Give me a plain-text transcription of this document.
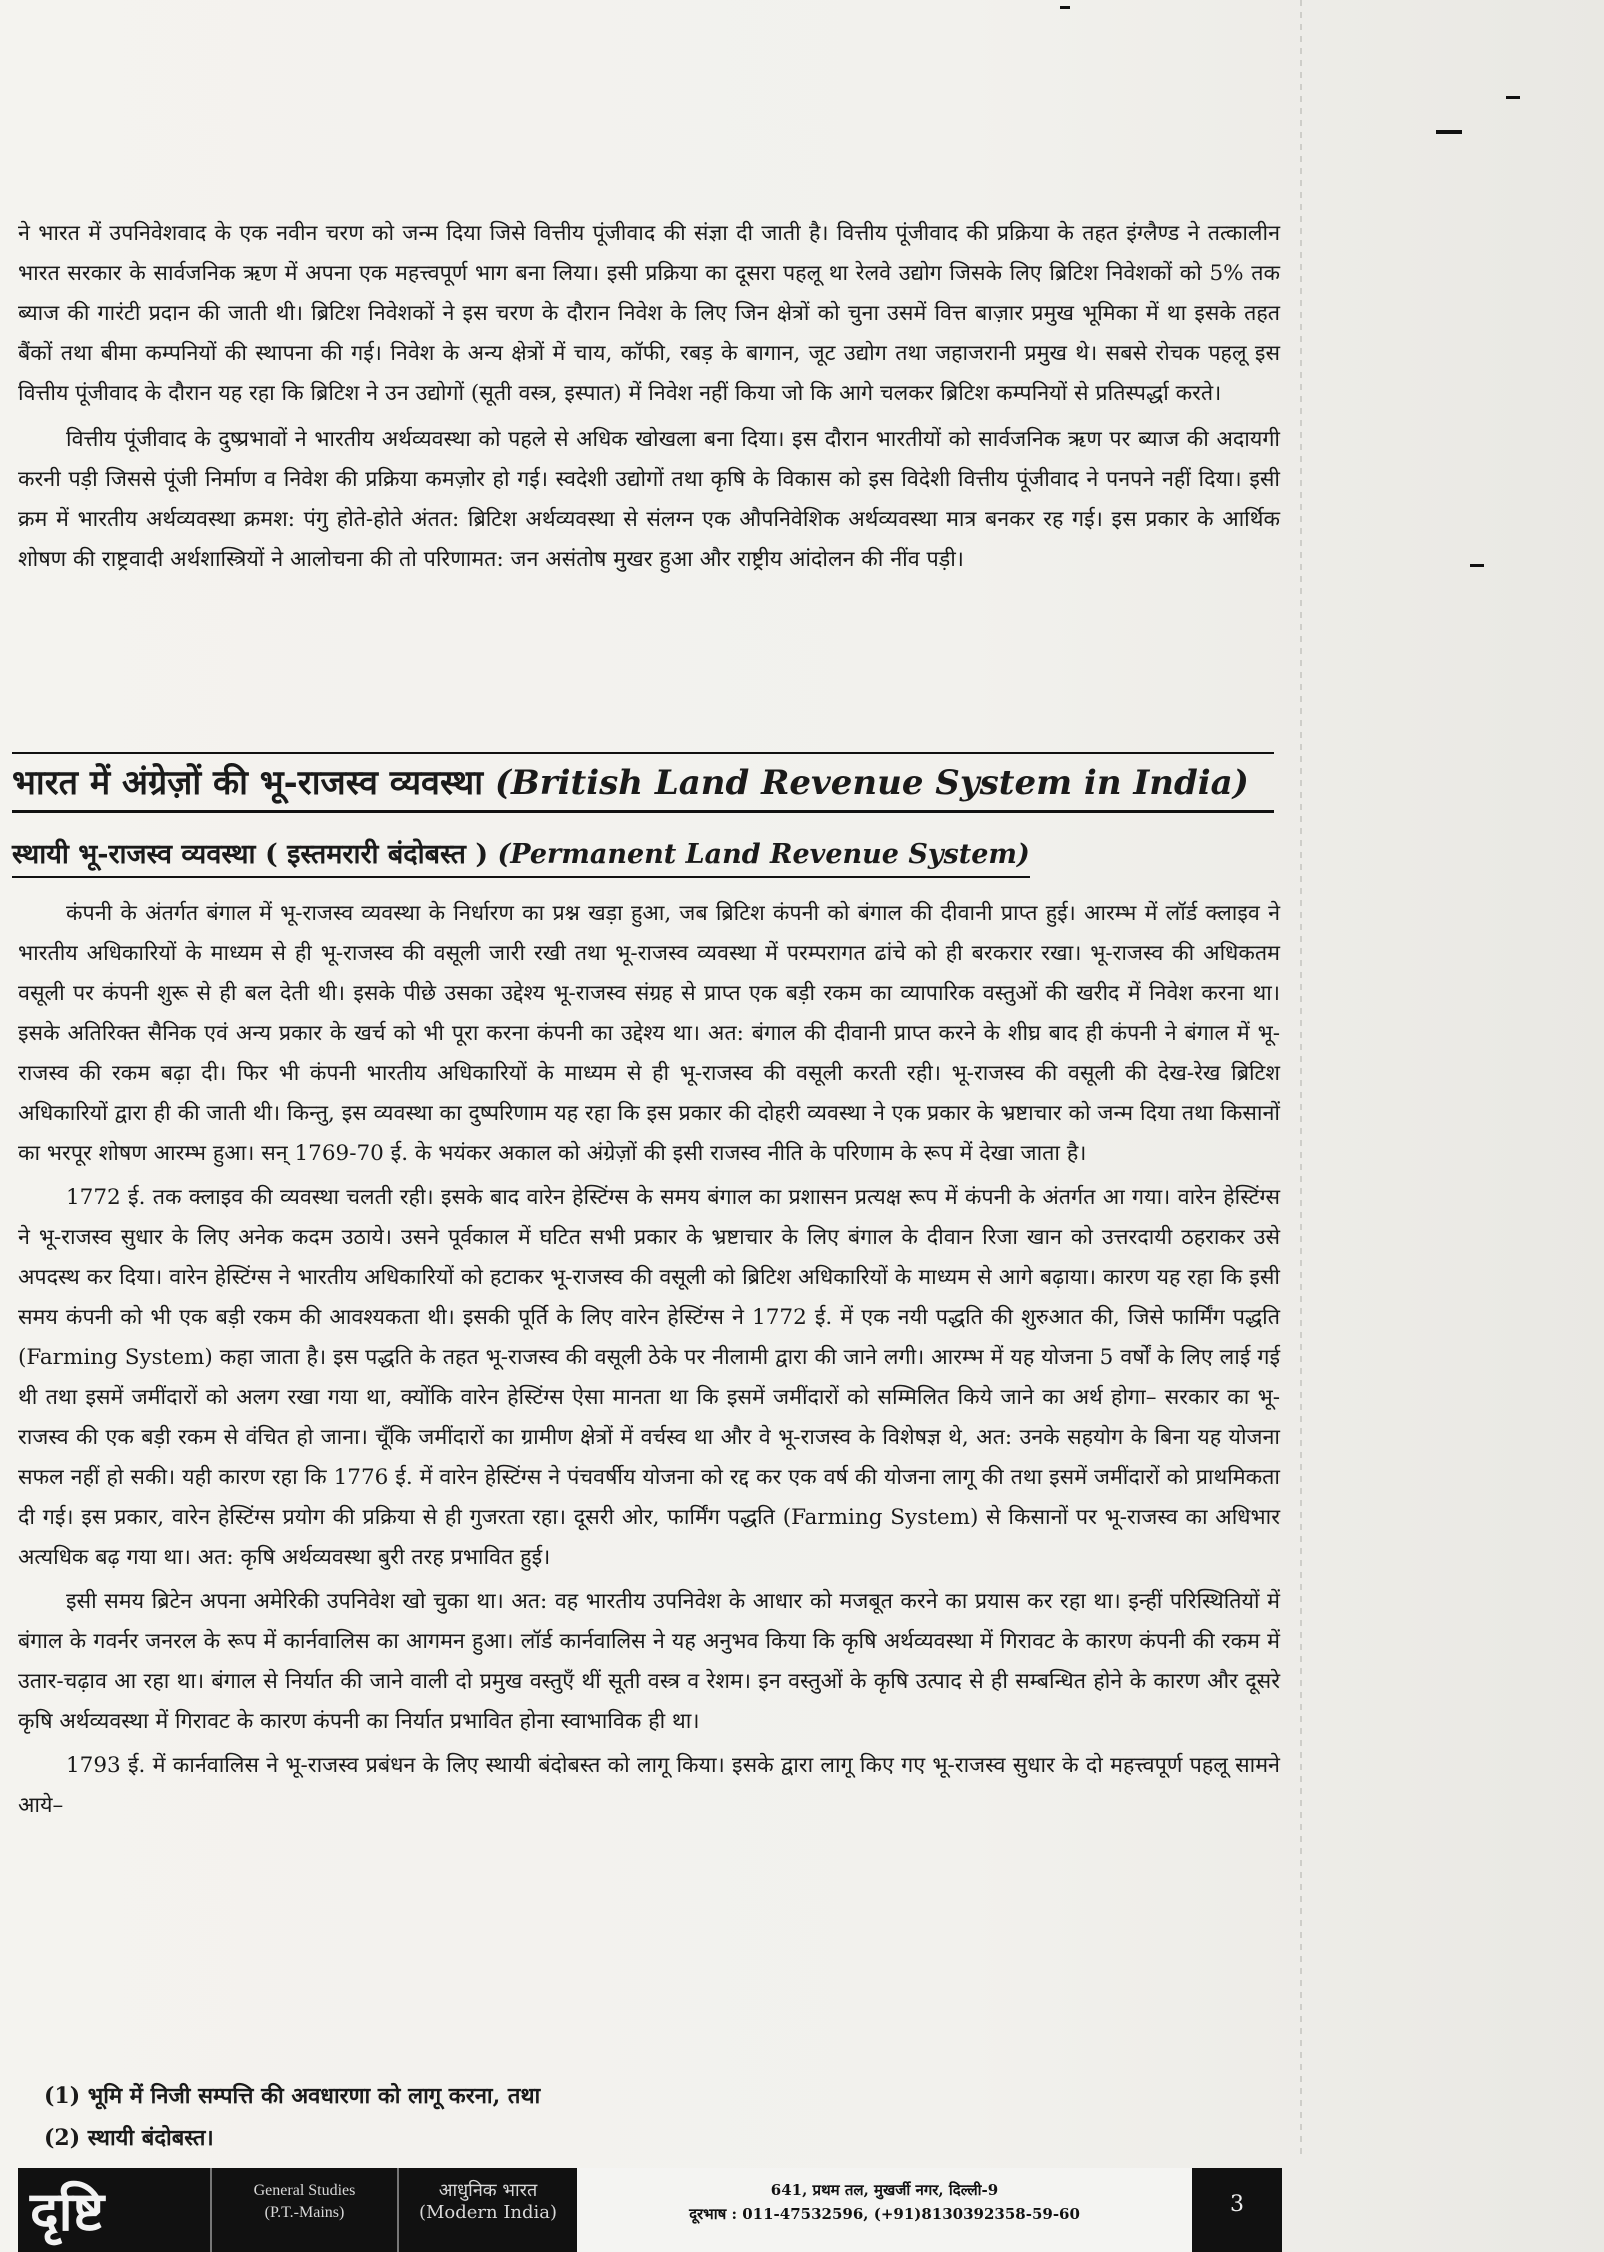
ने भारत में उपनिवेशवाद के एक नवीन चरण को जन्म दिया जिसे वित्तीय पूंजीवाद की संज्ञा दी जाती है। वित्तीय पूंजीवाद की प्रक्रिया के तहत इंग्लैण्ड ने तत्कालीन भारत सरकार के सार्वजनिक ऋण में अपना एक महत्त्वपूर्ण भाग बना लिया। इसी प्रक्रिया का दूसरा पहलू था रेलवे उद्योग जिसके लिए ब्रिटिश निवेशकों को 5% तक ब्याज की गारंटी प्रदान की जाती थी। ब्रिटिश निवेशकों ने इस चरण के दौरान निवेश के लिए जिन क्षेत्रों को चुना उसमें वित्त बाज़ार प्रमुख भूमिका में था इसके तहत बैंकों तथा बीमा कम्पनियों की स्थापना की गई। निवेश के अन्य क्षेत्रों में चाय, कॉफी, रबड़ के बागान, जूट उद्योग तथा जहाजरानी प्रमुख थे। सबसे रोचक पहलू इस वित्तीय पूंजीवाद के दौरान यह रहा कि ब्रिटिश ने उन उद्योगों (सूती वस्त्र, इस्पात) में निवेश नहीं किया जो कि आगे चलकर ब्रिटिश कम्पनियों से प्रतिस्पर्द्धा करते।

वित्तीय पूंजीवाद के दुष्प्रभावों ने भारतीय अर्थव्यवस्था को पहले से अधिक खोखला बना दिया। इस दौरान भारतीयों को सार्वजनिक ऋण पर ब्याज की अदायगी करनी पड़ी जिससे पूंजी निर्माण व निवेश की प्रक्रिया कमज़ोर हो गई। स्वदेशी उद्योगों तथा कृषि के विकास को इस विदेशी वित्तीय पूंजीवाद ने पनपने नहीं दिया। इसी क्रम में भारतीय अर्थव्यवस्था क्रमश: पंगु होते-होते अंतत: ब्रिटिश अर्थव्यवस्था से संलग्न एक औपनिवेशिक अर्थव्यवस्था मात्र बनकर रह गई। इस प्रकार के आर्थिक शोषण की राष्ट्रवादी अर्थशास्त्रियों ने आलोचना की तो परिणामत: जन असंतोष मुखर हुआ और राष्ट्रीय आंदोलन की नींव पड़ी।

भारत में अंग्रेज़ों की भू-राजस्व व्यवस्था (British Land Revenue System in India)

स्थायी भू-राजस्व व्यवस्था ( इस्तमरारी बंदोबस्त ) (Permanent Land Revenue System)

कंपनी के अंतर्गत बंगाल में भू-राजस्व व्यवस्था के निर्धारण का प्रश्न खड़ा हुआ, जब ब्रिटिश कंपनी को बंगाल की दीवानी प्राप्त हुई। आरम्भ में लॉर्ड क्लाइव ने भारतीय अधिकारियों के माध्यम से ही भू-राजस्व की वसूली जारी रखी तथा भू-राजस्व व्यवस्था में परम्परागत ढांचे को ही बरकरार रखा। भू-राजस्व की अधिकतम वसूली पर कंपनी शुरू से ही बल देती थी। इसके पीछे उसका उद्देश्य भू-राजस्व संग्रह से प्राप्त एक बड़ी रकम का व्यापारिक वस्तुओं की खरीद में निवेश करना था। इसके अतिरिक्त सैनिक एवं अन्य प्रकार के खर्च को भी पूरा करना कंपनी का उद्देश्य था। अत: बंगाल की दीवानी प्राप्त करने के शीघ्र बाद ही कंपनी ने बंगाल में भू-राजस्व की रकम बढ़ा दी। फिर भी कंपनी भारतीय अधिकारियों के माध्यम से ही भू-राजस्व की वसूली करती रही। भू-राजस्व की वसूली की देख-रेख ब्रिटिश अधिकारियों द्वारा ही की जाती थी। किन्तु, इस व्यवस्था का दुष्परिणाम यह रहा कि इस प्रकार की दोहरी व्यवस्था ने एक प्रकार के भ्रष्टाचार को जन्म दिया तथा किसानों का भरपूर शोषण आरम्भ हुआ। सन् 1769-70 ई. के भयंकर अकाल को अंग्रेज़ों की इसी राजस्व नीति के परिणाम के रूप में देखा जाता है।

1772 ई. तक क्लाइव की व्यवस्था चलती रही। इसके बाद वारेन हेस्टिंग्स के समय बंगाल का प्रशासन प्रत्यक्ष रूप में कंपनी के अंतर्गत आ गया। वारेन हेस्टिंग्स ने भू-राजस्व सुधार के लिए अनेक कदम उठाये। उसने पूर्वकाल में घटित सभी प्रकार के भ्रष्टाचार के लिए बंगाल के दीवान रिजा खान को उत्तरदायी ठहराकर उसे अपदस्थ कर दिया। वारेन हेस्टिंग्स ने भारतीय अधिकारियों को हटाकर भू-राजस्व की वसूली को ब्रिटिश अधिकारियों के माध्यम से आगे बढ़ाया। कारण यह रहा कि इसी समय कंपनी को भी एक बड़ी रकम की आवश्यकता थी। इसकी पूर्ति के लिए वारेन हेस्टिंग्स ने 1772 ई. में एक नयी पद्धति की शुरुआत की, जिसे फार्मिंग पद्धति (Farming System) कहा जाता है। इस पद्धति के तहत भू-राजस्व की वसूली ठेके पर नीलामी द्वारा की जाने लगी। आरम्भ में यह योजना 5 वर्षों के लिए लाई गई थी तथा इसमें जमींदारों को अलग रखा गया था, क्योंकि वारेन हेस्टिंग्स ऐसा मानता था कि इसमें जमींदारों को सम्मिलित किये जाने का अर्थ होगा– सरकार का भू-राजस्व की एक बड़ी रकम से वंचित हो जाना। चूँकि जमींदारों का ग्रामीण क्षेत्रों में वर्चस्व था और वे भू-राजस्व के विशेषज्ञ थे, अत: उनके सहयोग के बिना यह योजना सफल नहीं हो सकी। यही कारण रहा कि 1776 ई. में वारेन हेस्टिंग्स ने पंचवर्षीय योजना को रद्द कर एक वर्ष की योजना लागू की तथा इसमें जमींदारों को प्राथमिकता दी गई। इस प्रकार, वारेन हेस्टिंग्स प्रयोग की प्रक्रिया से ही गुजरता रहा। दूसरी ओर, फार्मिंग पद्धति (Farming System) से किसानों पर भू-राजस्व का अधिभार अत्यधिक बढ़ गया था। अत: कृषि अर्थव्यवस्था बुरी तरह प्रभावित हुई।

इसी समय ब्रिटेन अपना अमेरिकी उपनिवेश खो चुका था। अत: वह भारतीय उपनिवेश के आधार को मजबूत करने का प्रयास कर रहा था। इन्हीं परिस्थितियों में बंगाल के गवर्नर जनरल के रूप में कार्नवालिस का आगमन हुआ। लॉर्ड कार्नवालिस ने यह अनुभव किया कि कृषि अर्थव्यवस्था में गिरावट के कारण कंपनी की रकम में उतार-चढ़ाव आ रहा था। बंगाल से निर्यात की जाने वाली दो प्रमुख वस्तुएँ थीं सूती वस्त्र व रेशम। इन वस्तुओं के कृषि उत्पाद से ही सम्बन्धित होने के कारण और दूसरे कृषि अर्थव्यवस्था में गिरावट के कारण कंपनी का निर्यात प्रभावित होना स्वाभाविक ही था।

1793 ई. में कार्नवालिस ने भू-राजस्व प्रबंधन के लिए स्थायी बंदोबस्त को लागू किया। इसके द्वारा लागू किए गए भू-राजस्व सुधार के दो महत्त्वपूर्ण पहलू सामने आये–

(1) भूमि में निजी सम्पत्ति की अवधारणा को लागू करना, तथा
(2) स्थायी बंदोबस्त।
दृष्टि	General Studies
(P.T.-Mains)
आधुनिक भारत
(Modern India)
641, प्रथम तल, मुखर्जी नगर, दिल्ली-9
दूरभाष : 011-47532596, (+91)8130392358-59-60	3
